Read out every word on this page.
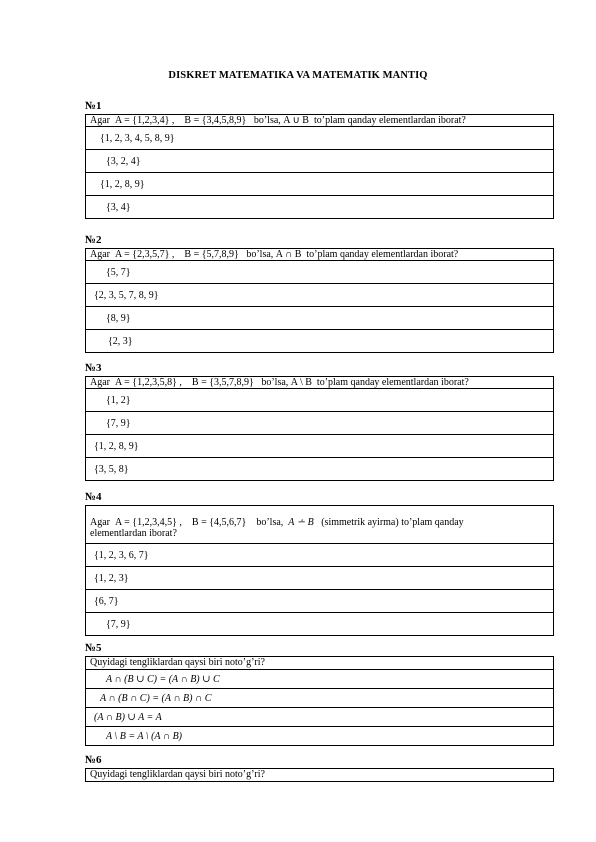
DISKRET MATEMATIKA VA MATEMATIK MANTIQ
№1
Agar A = {1,2,3,4} , B = {3,4,5,8,9} bo’lsa, A ∪ B to’plam qanday elementlardan iborat?
{1, 2, 3, 4, 5, 8, 9}
{3, 2, 4}
{1, 2, 8, 9}
{3, 4}
№2
Agar A = {2,3,5,7} , B = {5,7,8,9} bo’lsa, A ∩ B to’plam qanday elementlardan iborat?
{5, 7}
{2, 3, 5, 7, 8, 9}
{8, 9}
{2, 3}
№3
Agar A = {1,2,3,5,8} , B = {3,5,7,8,9} bo’lsa, A \ B to’plam qanday elementlardan iborat?
{1, 2}
{7, 9}
{1, 2, 8, 9}
{3, 5, 8}
№4
Agar A = {1,2,3,4,5} , B = {4,5,6,7} bo’lsa, A ∸ B (simmetrik ayirma) to’plam qanday
elementlardan iborat?

{1, 2, 3, 6, 7}
{1, 2, 3}
{6, 7}
{7, 9}
№5
Quyidagi tengliklardan qaysi biri noto’g’ri?
A ∩ (B ∪ C) = (A ∩ B) ∪ C
A ∩ (B ∩ C) = (A ∩ B) ∩ C
(A ∩ B) ∪ A = A
A \ B = A \ (A ∩ B)
№6
Quyidagi tengliklardan qaysi biri noto’g’ri?
